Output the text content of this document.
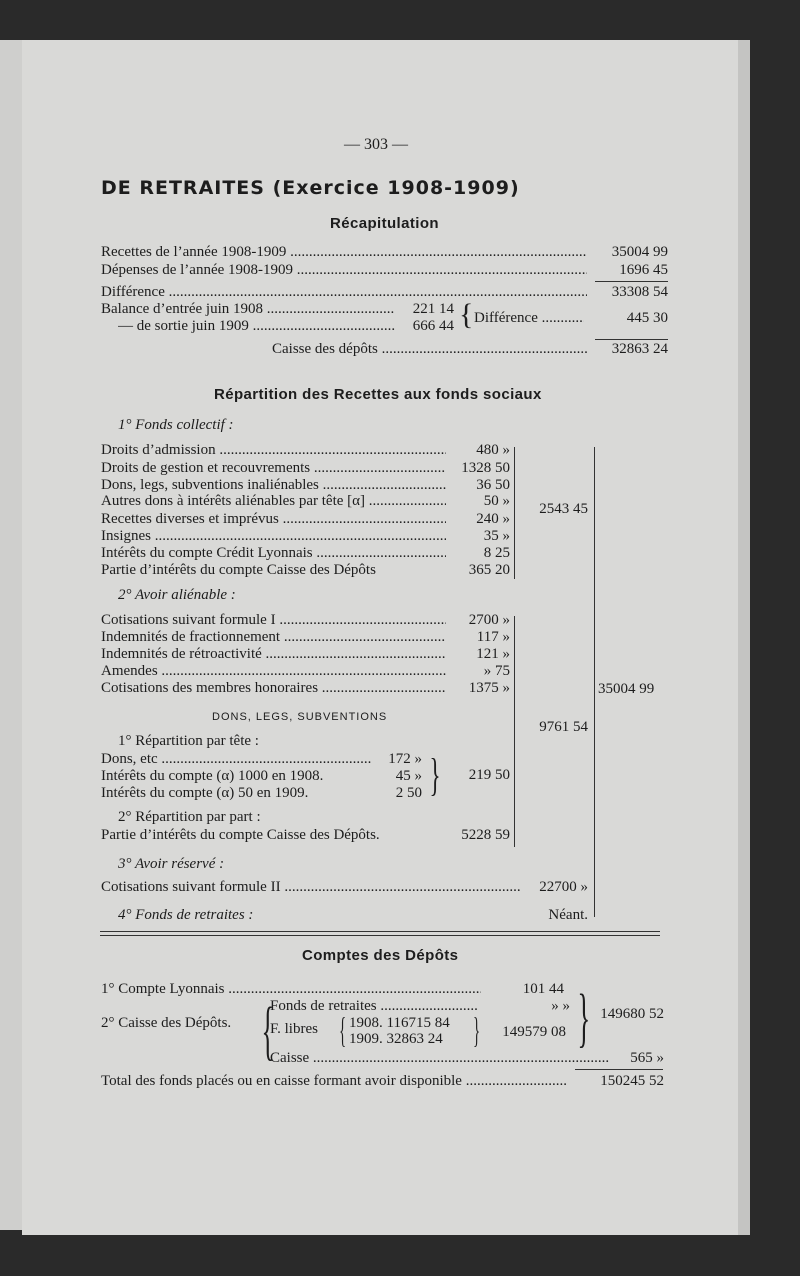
— 303 —
DE RETRAITES (Exercice 1908-1909)
Récapitulation
Recettes de l’année 1908-1909 .....	35004 99
Dépenses de l’année 1908-1909 .....	1696 45
Différence .....	33308 54
Balance d’entrée juin 1908 .....	221 14
— de sortie juin 1909 .....	666 44 { Différence .....	445 30
Caisse des dépôts .....	32863 24
Répartition des Recettes aux fonds sociaux
1° Fonds collectif :
Droits d’admission .....	480 »
Droits de gestion et recouvrements .....	1328 50
Dons, legs, subventions inaliénables .....	36 50
Autres dons à intérêts aliénables par tête [α] .....	50 »
Recettes diverses et imprévus .....	240 »
Insignes .....	35 »
Intérêts du compte Crédit Lyonnais .....	8 25
Partie d’intérêts du compte Caisse des Dépôts	365 20
2543 45
2° Avoir aliénable :
Cotisations suivant formule I .....	2700 »
Indemnités de fractionnement .....	117 »
Indemnités de rétroactivité .....	121 »
Amendes .....	» 75
Cotisations des membres honoraires .....	1375 »
DONS, LEGS, SUBVENTIONS
1° Répartition par tête :
Dons, etc .....	172 »
Intérêts du compte (α) 1000 en 1908.	45 »
Intérêts du compte (α) 50 en 1909.	2 50 }	219 50
2° Répartition par part :
Partie d’intérêts du compte Caisse des Dépôts.	5228 59
9761 54
3° Avoir réservé :
Cotisations suivant formule II .....	22700 »
4° Fonds de retraites :	Néant.
35004 99
Comptes des Dépôts
1° Compte Lyonnais .....	101 44
2° Caisse des Dépôts. {
Fonds de retraites .....	» »
F. libres { 1908. 116715 84
1909. 32863 24 }	149579 08 } 149680 52
Caisse .....	565 »
Total des fonds placés ou en caisse formant avoir disponible .....	150245 52
